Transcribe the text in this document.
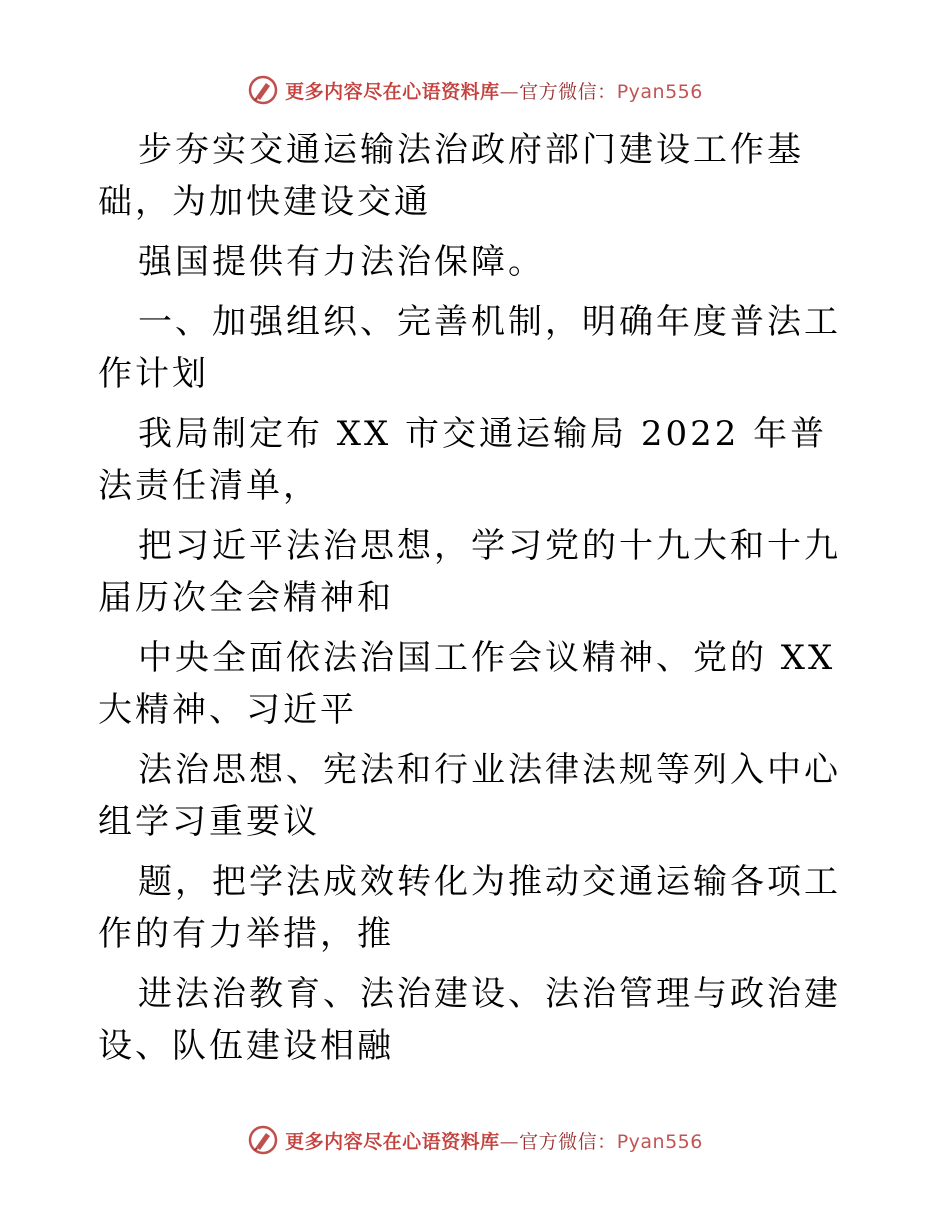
更多内容尽在心语资料库—官方微信：Pyan556

步夯实交通运输法治政府部门建设工作基础，为加快建设交通

强国提供有力法治保障。

一、加强组织、完善机制，明确年度普法工作计划

我局制定布 XX 市交通运输局 2022 年普法责任清单，

把习近平法治思想，学习党的十九大和十九届历次全会精神和

中央全面依法治国工作会议精神、党的 XX 大精神、习近平

法治思想、宪法和行业法律法规等列入中心组学习重要议

题，把学法成效转化为推动交通运输各项工作的有力举措，推

进法治教育、法治建设、法治管理与政治建设、队伍建设相融

更多内容尽在心语资料库—官方微信：Pyan556
